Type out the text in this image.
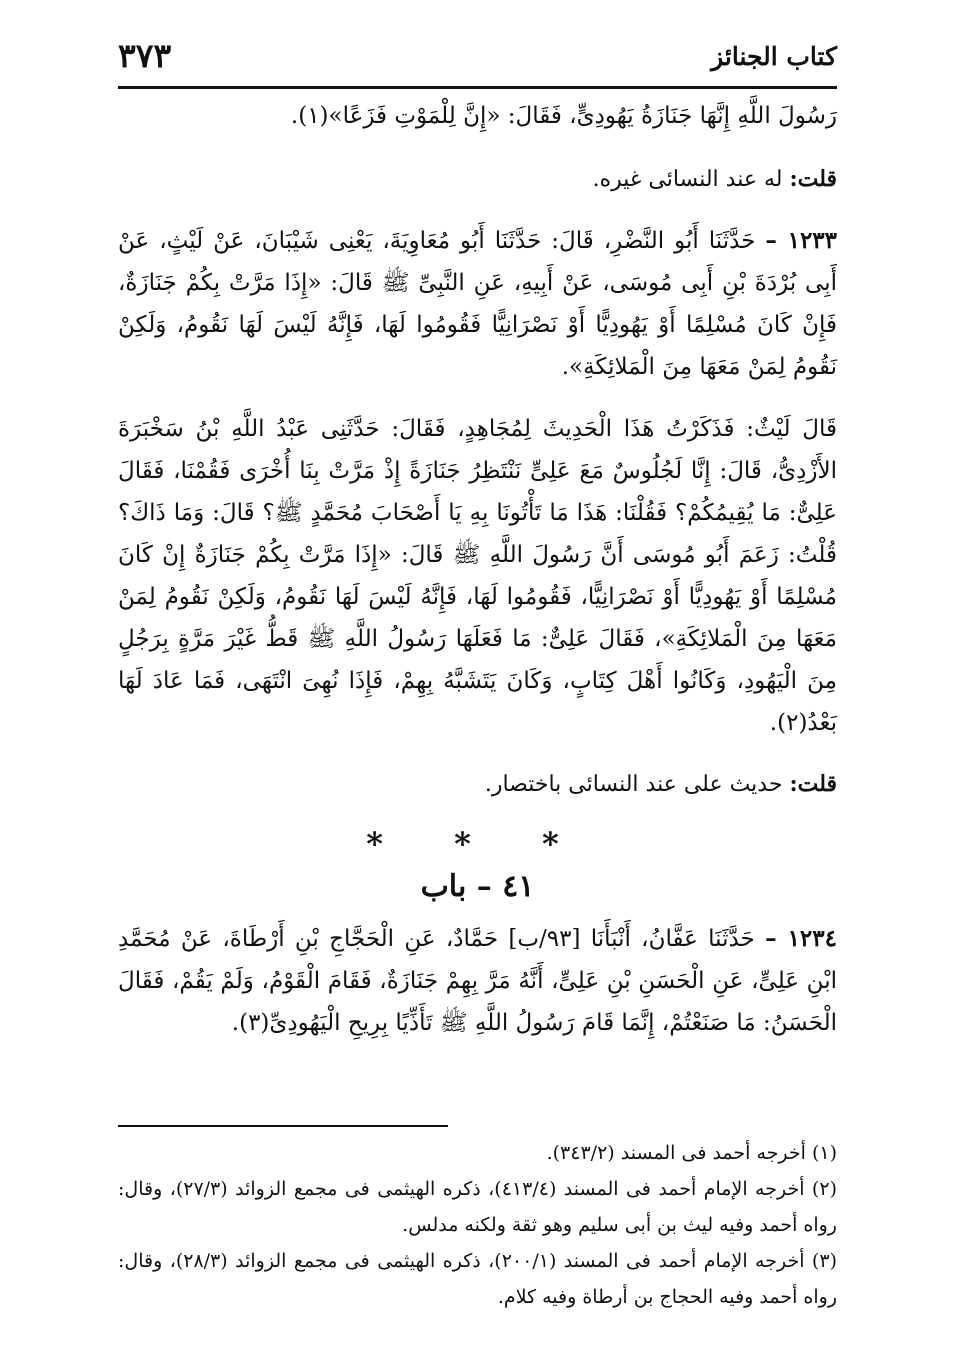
كتاب الجنائز
٣٧٣

رَسُولَ اللَّهِ إِنَّهَا جَنَازَةُ يَهُودِىٍّ، فَقَالَ: «إِنَّ لِلْمَوْتِ فَزَعًا»(١).

قلت: له عند النسائى غيره.

١٢٣٣ – حَدَّثَنَا أَبُو النَّضْرِ، قَالَ: حَدَّثَنَا أَبُو مُعَاوِيَةَ، يَعْنِى شَيْبَانَ، عَنْ لَيْثٍ، عَنْ أَبِى بُرْدَةَ بْنِ أَبِى مُوسَى، عَنْ أَبِيهِ، عَنِ النَّبِىِّ ﷺ قَالَ: «إِذَا مَرَّتْ بِكُمْ جَنَازَةٌ، فَإِنْ كَانَ مُسْلِمًا أَوْ يَهُودِيًّا أَوْ نَصْرَانِيًّا فَقُومُوا لَهَا، فَإِنَّهُ لَيْسَ لَهَا نَقُومُ، وَلَكِنْ نَقُومُ لِمَنْ مَعَهَا مِنَ الْمَلائِكَةِ».

قَالَ لَيْثٌ: فَذَكَرْتُ هَذَا الْحَدِيثَ لِمُجَاهِدٍ، فَقَالَ: حَدَّثَنِى عَبْدُ اللَّهِ بْنُ سَخْبَرَةَ الأَزْدِىُّ، قَالَ: إِنَّا لَجُلُوسٌ مَعَ عَلِىٍّ نَنْتَظِرُ جَنَازَةً إِذْ مَرَّتْ بِنَا أُخْرَى فَقُمْنَا، فَقَالَ عَلِىٌّ: مَا يُقِيمُكُمْ؟ فَقُلْنَا: هَذَا مَا تَأْتُونَا بِهِ يَا أَصْحَابَ مُحَمَّدٍ ﷺ؟ قَالَ: وَمَا ذَاكَ؟ قُلْتُ: زَعَمَ أَبُو مُوسَى أَنَّ رَسُولَ اللَّهِ ﷺ قَالَ: «إِذَا مَرَّتْ بِكُمْ جَنَازَةٌ إِنْ كَانَ مُسْلِمًا أَوْ يَهُودِيًّا أَوْ نَصْرَانِيًّا، فَقُومُوا لَهَا، فَإِنَّهُ لَيْسَ لَهَا نَقُومُ، وَلَكِنْ نَقُومُ لِمَنْ مَعَهَا مِنَ الْمَلائِكَةِ»، فَقَالَ عَلِىٌّ: مَا فَعَلَهَا رَسُولُ اللَّهِ ﷺ قَطُّ غَيْرَ مَرَّةٍ بِرَجُلٍ مِنَ الْيَهُودِ، وَكَانُوا أَهْلَ كِتَابٍ، وَكَانَ يَتَشَبَّهُ بِهِمْ، فَإِذَا نُهِىَ انْتَهَى، فَمَا عَادَ لَهَا بَعْدُ(٢).

قلت: حديث على عند النسائى باختصار.

* * *
٤١ – باب

١٢٣٤ – حَدَّثَنَا عَفَّانُ، أَنْبَأَنَا [٩٣/ب] حَمَّادٌ، عَنِ الْحَجَّاجِ بْنِ أَرْطَاةَ، عَنْ مُحَمَّدِ ابْنِ عَلِىٍّ، عَنِ الْحَسَنِ بْنِ عَلِىٍّ، أَنَّهُ مَرَّ بِهِمْ جَنَازَةٌ، فَقَامَ الْقَوْمُ، وَلَمْ يَقُمْ، فَقَالَ الْحَسَنُ: مَا صَنَعْتُمْ، إِنَّمَا قَامَ رَسُولُ اللَّهِ ﷺ تَأَذِّيًا بِرِيحِ الْيَهُودِىِّ(٣).

(١) أخرجه أحمد فى المسند (٣٤٣/٢).

(٢) أخرجه الإمام أحمد فى المسند (٤١٣/٤)، ذكره الهيثمى فى مجمع الزوائد (٢٧/٣)، وقال: رواه أحمد وفيه ليث بن أبى سليم وهو ثقة ولكنه مدلس.

(٣) أخرجه الإمام أحمد فى المسند (٢٠٠/١)، ذكره الهيثمى فى مجمع الزوائد (٢٨/٣)، وقال: رواه أحمد وفيه الحجاج بن أرطاة وفيه كلام.
